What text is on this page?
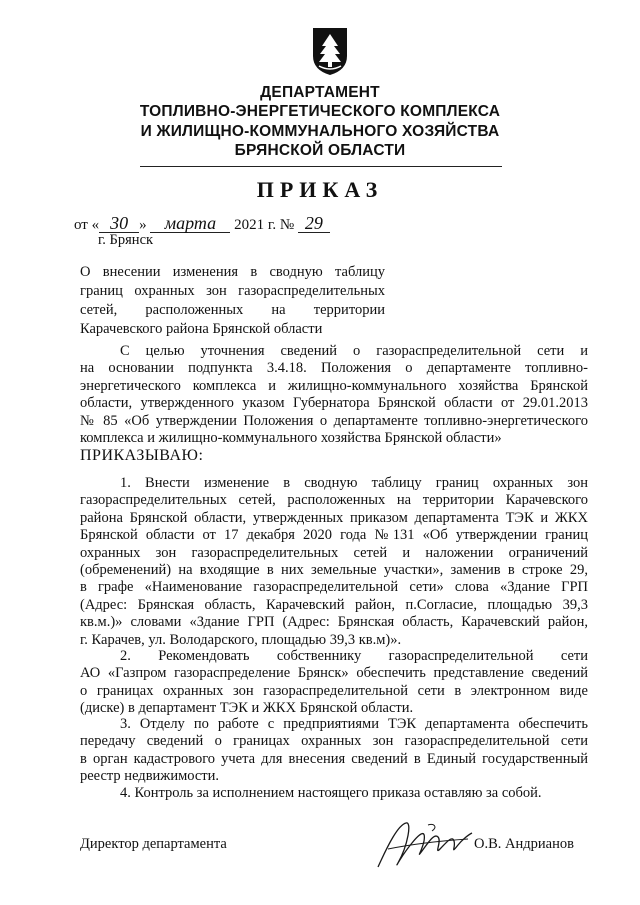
ДЕПАРТАМЕНТ
ТОПЛИВНО-ЭНЕРГЕТИЧЕСКОГО КОМПЛЕКСА
И ЖИЛИЩНО-КОММУНАЛЬНОГО ХОЗЯЙСТВА
БРЯНСКОЙ ОБЛАСТИ
ПРИКАЗ
от « 30 » марта 2021 г. № 29
г. Брянск
О внесении изменения в сводную таблицу
границ охранных зон газораспределительных
сетей, расположенных на территории
Карачевского района Брянской области
С целью уточнения сведений о газораспределительной сети и
на основании подпункта 3.4.18. Положения о департаменте топливно-
энергетического комплекса и жилищно-коммунального хозяйства Брянской
области, утвержденного указом Губернатора Брянской области от 29.01.2013
№ 85 «Об утверждении Положения о департаменте топливно-энергетического
комплекса и жилищно-коммунального хозяйства Брянской области»
ПРИКАЗЫВАЮ:
1. Внести изменение в сводную таблицу границ охранных зон
газораспределительных сетей, расположенных на территории Карачевского
района Брянской области, утвержденных приказом департамента ТЭК и ЖКХ
Брянской области от 17 декабря 2020 года №131 «Об утверждении границ
охранных зон газораспределительных сетей и наложении ограничений
(обременений) на входящие в них земельные участки», заменив в строке 29,
в графе «Наименование газораспределительной сети» слова «Здание ГРП
(Адрес: Брянская область, Карачевский район, п.Согласие, площадью 39,3
кв.м.)» словами «Здание ГРП (Адрес: Брянская область, Карачевский район,
г. Карачев, ул. Володарского, площадью 39,3 кв.м)».
2. Рекомендовать собственнику газораспределительной сети
АО «Газпром газораспределение Брянск» обеспечить представление сведений
о границах охранных зон газораспределительной сети в электронном виде
(диске) в департамент ТЭК и ЖКХ Брянской области.
3. Отделу по работе с предприятиями ТЭК департамента обеспечить
передачу сведений о границах охранных зон газораспределительной сети
в орган кадастрового учета для внесения сведений в Единый государственный
реестр недвижимости.
4. Контроль за исполнением настоящего приказа оставляю за собой.
Директор департамента	О.В. Андрианов
